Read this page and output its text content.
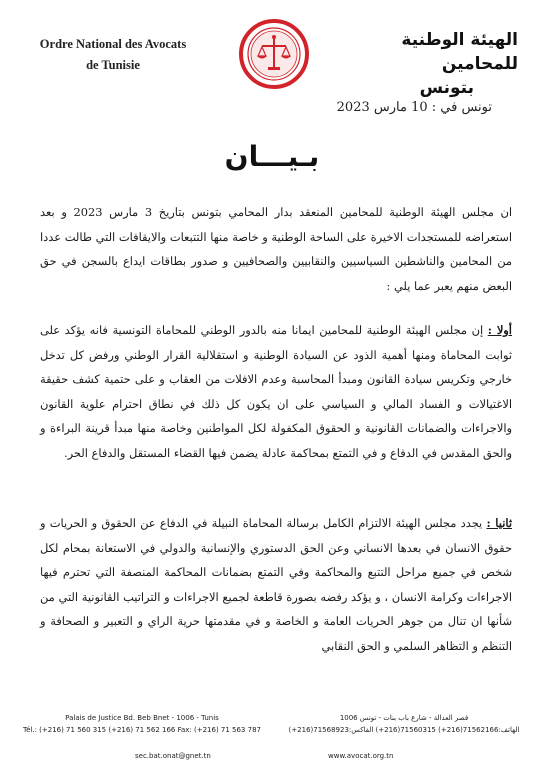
Ordre National des Avocats
de Tunisie
الهيئة الوطنية للمحامين
بتونس
تونس في : 10 مارس 2023
بـيـــان
ان مجلس الهيئة الوطنية للمحامين المنعقد بدار المحامي بتونس بتاريخ 3 مارس 2023 و بعد استعراضه للمستجدات الاخيرة على الساحة الوطنية و خاصة منها التتبعات والايقافات التي طالت عددا من المحامين والناشطين السياسيين والنقابيين والصحافيين و صدور بطاقات ايداع بالسجن في حق البعض منهم يعبر عما يلي :
أولا : إن مجلس الهيئة الوطنية للمحامين ايمانا منه بالدور الوطني للمحاماة التونسية فانه يؤكد على ثوابت المحاماة ومنها أهمية الذود عن السيادة الوطنية و استقلالية القرار الوطني ورفض كل تدخل خارجي وتكريس سيادة القانون ومبدأ المحاسبة وعدم الافلات من العقاب و على حتمية كشف حقيقة الاغتيالات و الفساد المالي و السياسي على ان يكون كل ذلك في نطاق احترام علوية القانون والاجراءات والضمانات القانونية و الحقوق المكفولة لكل المواطنين وخاصة منها مبدأ قرينة البراءة و والحق المقدس في الدفاع و في التمتع بمحاكمة عادلة يضمن فيها القضاء المستقل والدفاع الحر.
ثانيا : يجدد مجلس الهيئة الالتزام الكامل برسالة المحاماة النبيلة في الدفاع عن الحقوق و الحريات و حقوق الانسان في بعدها الانساني وعن الحق الدستوري والإنسانية والدولي في الاستعانة بمحام لكل شخص في جميع مراحل التتبع والمحاكمة وفي التمتع بضمانات المحاكمة المنصفة التي تحترم فيها الاجراءات وكرامة الانسان ، و يؤكد رفضه بصورة قاطعة لجميع الاجراءات و التراتيب القانونية التي من شأنها ان تنال من جوهر الحريات العامة و الخاصة و في مقدمتها حرية الراي و التعبير و الصحافة و التنظم و التظاهر السلمي و الحق النقابي
Palais de Justice Bd. Beb Bnet - 1006 - Tunis
Tél.: (+216) 71 560 315 (+216) 71 562 166 Fax: (+216) 71 563 787
قصر العدالة - شارع باب بنات - تونس 1006
الهاتف:71562166(216+) 71560315(216+) الفاكس:71568923(216+)
sec.bat.onat@gnet.tn	www.avocat.org.tn
